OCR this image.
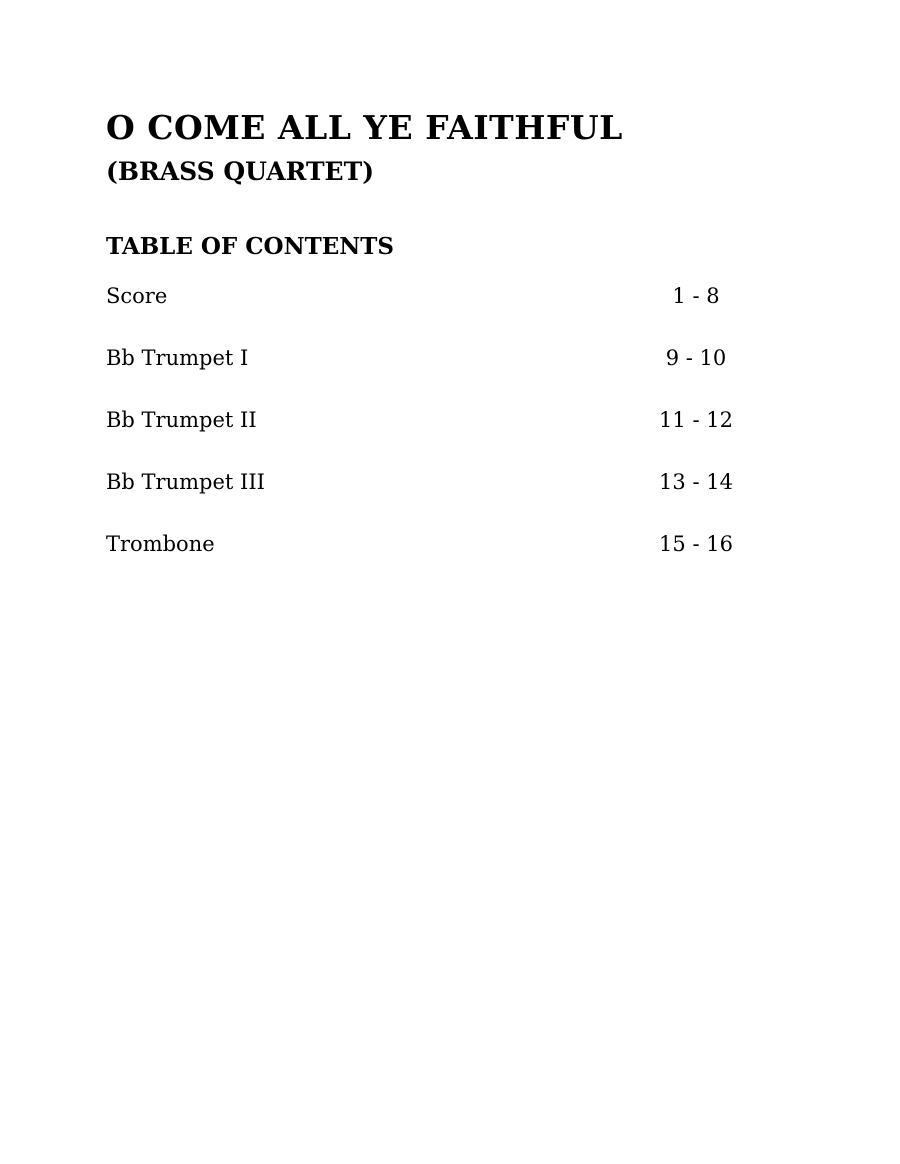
O COME ALL YE FAITHFUL
(BRASS QUARTET)
TABLE OF CONTENTS
Score	1 - 8
Bb Trumpet I	9 - 10
Bb Trumpet II	11 - 12
Bb Trumpet III	13 - 14
Trombone	15 - 16
